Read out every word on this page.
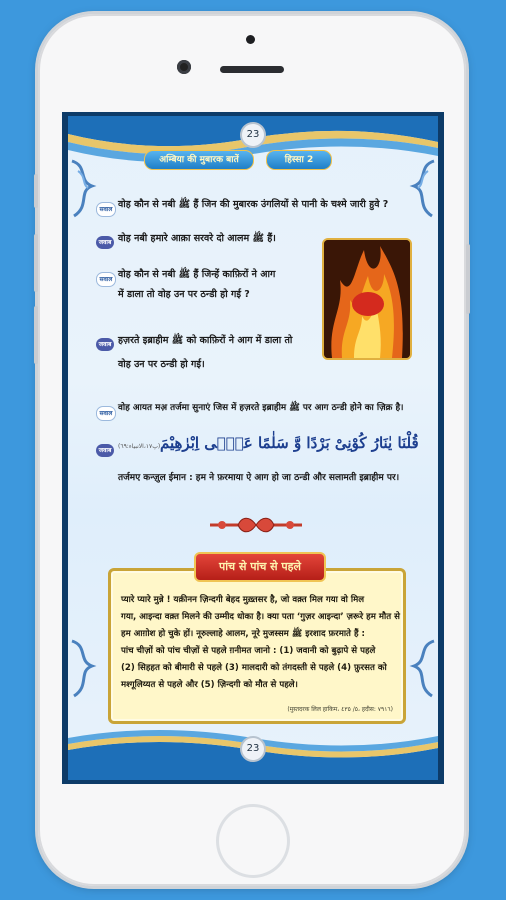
23
अम्बिया की मुबारक बातें	हिस्सा 2
सवाल वोह कौन से नबी ﷺ हैं जिन की मुबारक उंगलियों से पानी के चश्मे जारी हुवे ?
जवाब वोह नबी हमारे आक़ा सरवरे दो आलम ﷺ हैं।
सवाल वोह कौन से नबी ﷺ हैं जिन्हें काफ़िरों ने आग
में डाला तो वोह उन पर ठन्डी हो गई ?
जवाब हज़रते इब्राहीम ﷺ को काफ़िरों ने आग में डाला तो
वोह उन पर ठन्डी हो गई।
सवाल
वोह आयत मअ़ तर्जमा सुनाएं जिस में हज़रते इब्राहीम ﷺ पर आग ठन्डी होने का ज़िक्र है।
जवाब	قُلْنَا يٰنَارُ كُوْنِیْ بَرْدًا وَّ سَلٰمًا عَلٰۤى اِبْرٰهِیْمَ
(پ١٧،الانبیاء:٦٩)
तर्जमए कन्ज़ुल ईमान : हम ने फ़रमाया ऐ आग हो जा ठन्डी और सलामती इब्राहीम पर।
प्यारे प्यारे मुन्ने ! यक़ीनन ज़िन्दगी बेहद मुख़्तसर है, जो वक़्त मिल गया वो मिल
गया, आइन्दा वक़्त मिलने की उम्मीद धोका है। क्या पता ‘गुज़र आइन्दा’ ज़रूरे हम मौत से
हम आग़ोश हो चुके हों। नूरुल्लाहे आलम, नूरे मुजस्सम ﷺ इरशाद फ़रमाते हैं :
पांच चीज़ों को पांच चीज़ों से पहले ग़नीमत जानो : (1) जवानी को बुढ़ापे से पहले
(2) सिहहत को बीमारी से पहले (3) मालदारी को तंगदस्ती से पहले (4) फ़ुरसत को
मश्गूलिय्यत से पहले और (5) ज़िन्दगी को मौत से पहले।
(मुस्तदरक लिल हाकिम، ٥/ ٤٣٥، हदीस: ٧٩١٦)
पांच से पांच से पहले
23
